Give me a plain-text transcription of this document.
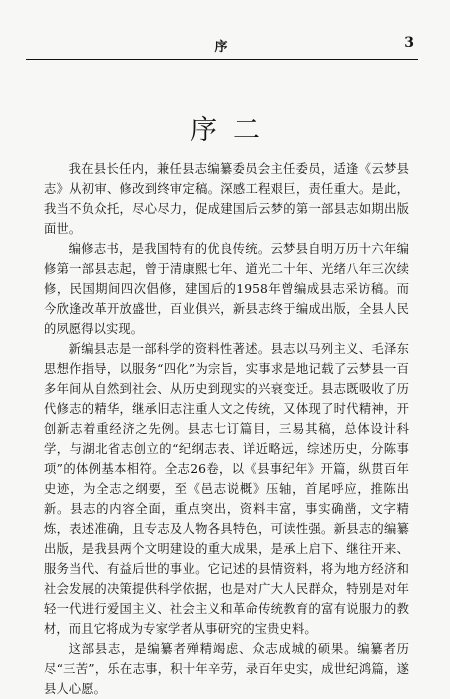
序	3
序二

我在县长任内，兼任县志编纂委员会主任委员，适逢《云梦县志》从初审、修改到终审定稿。深感工程艰巨，责任重大。是此，我当不负众托，尽心尽力，促成建国后云梦的第一部县志如期出版面世。

编修志书，是我国特有的优良传统。云梦县自明万历十六年编修第一部县志起，曾于清康熙七年、道光二十年、光绪八年三次续修，民国期间四次倡修，建国后的1958年曾编成县志采访稿。而今欣逢改革开放盛世，百业俱兴，新县志终于编成出版，全县人民的夙愿得以实现。

新编县志是一部科学的资料性著述。县志以马列主义、毛泽东思想作指导，以服务“四化”为宗旨，实事求是地记载了云梦县一百多年间从自然到社会、从历史到现实的兴衰变迁。县志既吸收了历代修志的精华，继承旧志注重人文之传统，又体现了时代精神，开创新志着重经济之先例。县志七订篇目，三易其稿，总体设计科学，与湖北省志创立的“纪纲志表、详近略远，综述历史，分陈事项”的体例基本相符。全志26卷，以《县事纪年》开篇，纵贯百年史迹，为全志之纲要，至《邑志说概》压轴，首尾呼应，推陈出新。县志的内容全面，重点突出，资料丰富，事实确凿，文字精炼，表述准确，且专志及人物各具特色，可读性强。新县志的编纂出版，是我县两个文明建设的重大成果，是承上启下、继往开来、服务当代、有益后世的事业。它记述的县情资料，将为地方经济和社会发展的决策提供科学依据，也是对广大人民群众，特别是对年轻一代进行爱国主义、社会主义和革命传统教育的富有说服力的教材，而且它将成为专家学者从事研究的宝贵史料。

这部县志，是编纂者殚精竭虑、众志成城的硕果。编纂者历尽“三苦”，乐在志事，积十年辛劳，录百年史实，成世纪鸿篇，遂县人心愿。
